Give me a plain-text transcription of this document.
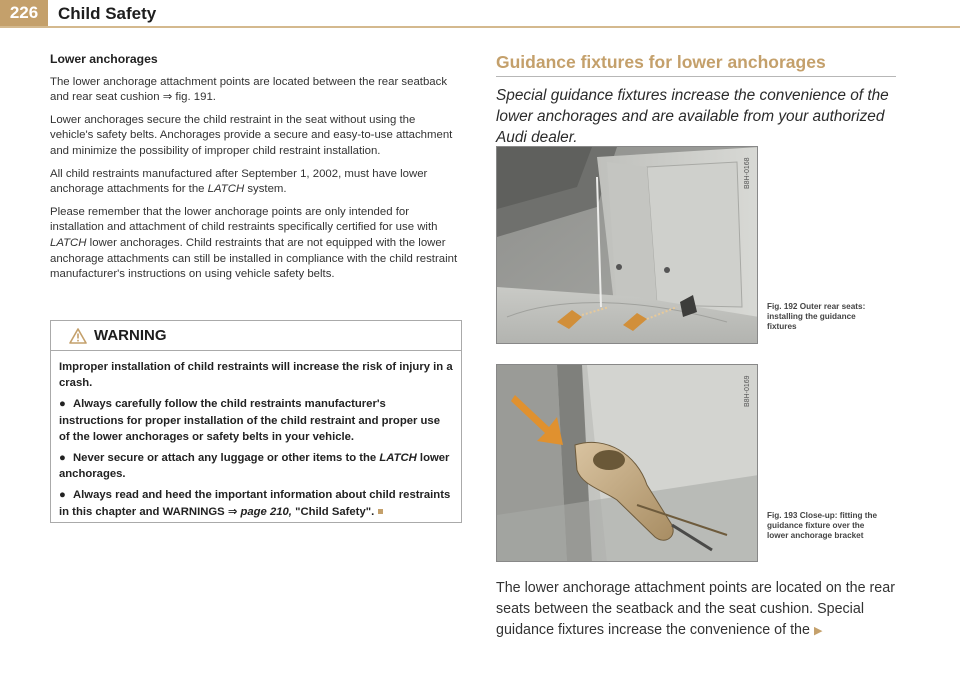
226	Child Safety
Lower anchorages

The lower anchorage attachment points are located between the rear seatback and rear seat cushion ⇒ fig. 191.

Lower anchorages secure the child restraint in the seat without using the vehicle's safety belts. Anchorages provide a secure and easy-to-use attachment and minimize the possibility of improper child restraint installation.

All child restraints manufactured after September 1, 2002, must have lower anchorage attachments for the LATCH system.

Please remember that the lower anchorage points are only intended for installation and attachment of child restraints specifically certified for use with LATCH lower anchorages. Child restraints that are not equipped with the lower anchorage attachments can still be installed in compliance with the child restraint manufacturer's instructions on using vehicle safety belts.

WARNING
Improper installation of child restraints will increase the risk of injury in a crash.
● Always carefully follow the child restraints manufacturer's instructions for proper installation of the child restraint and proper use of the lower anchorages or safety belts in your vehicle.
● Never secure or attach any luggage or other items to the LATCH lower anchorages.
● Always read and heed the important information about child restraints in this chapter and WARNINGS ⇒ page 210, "Child Safety".
Guidance fixtures for lower anchorages
Special guidance fixtures increase the convenience of the lower anchorages and are available from your authorized Audi dealer.
B8H-0168
Fig. 192 Outer rear seats: installing the guidance fixtures
B8H-0169
Fig. 193 Close-up: fitting the guidance fixture over the lower anchorage bracket
The lower anchorage attachment points are located on the rear seats between the seatback and the seat cushion. Special guidance fixtures increase the convenience of the ▶
